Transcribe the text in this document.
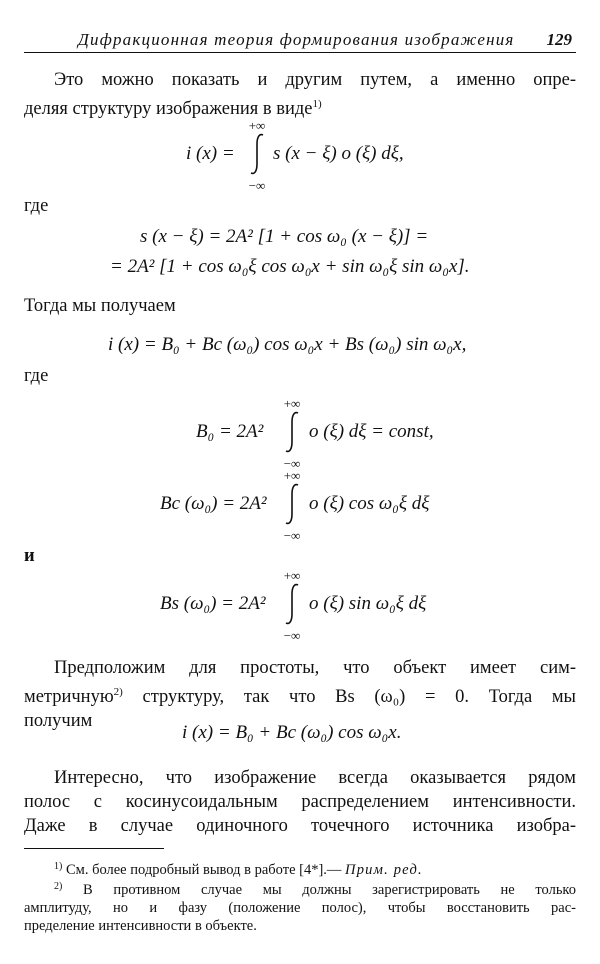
Дифракционная теория формирования изображения 129
Это можно показать и другим путем, а именно опре-
деляя структуру изображения в виде$^{1)}$
i (x) =
+∞
−∞
s (x − ξ) o (ξ) dξ,
где
s (x − ξ) = 2A² [1 + cos ω₀ (x − ξ)] =
= 2A² [1 + cos ω₀ξ cos ω₀x + sin ω₀ξ sin ω₀x].
Тогда мы получаем
i (x) = B₀ + Bc (ω₀) cos ω₀x + Bs (ω₀) sin ω₀x,
где
B₀ = 2A²
+∞
−∞
o (ξ) dξ = const,
Bc (ω₀) = 2A²
+∞
−∞
o (ξ) cos ω₀ξ dξ
и
Bs (ω₀) = 2A²
+∞
−∞
o (ξ) sin ω₀ξ dξ
Предположим для простоты, что объект имеет сим-
метричную$^{2)}$ структуру, так что Bs (ω₀) = 0. Тогда мы
получим
i (x) = B₀ + Bc (ω₀) cos ω₀x.
Интересно, что изображение всегда оказывается рядом
полос с косинусоидальным распределением интенсивности.
Даже в случае одиночного точечного источника изобра-
$^{1)}$ См. более подробный вывод в работе [4*].— Прим. ред.
$^{2)}$ В противном случае мы должны зарегистрировать не только
амплитуду, но и фазу (положение полос), чтобы восстановить рас-
пределение интенсивности в объекте.
